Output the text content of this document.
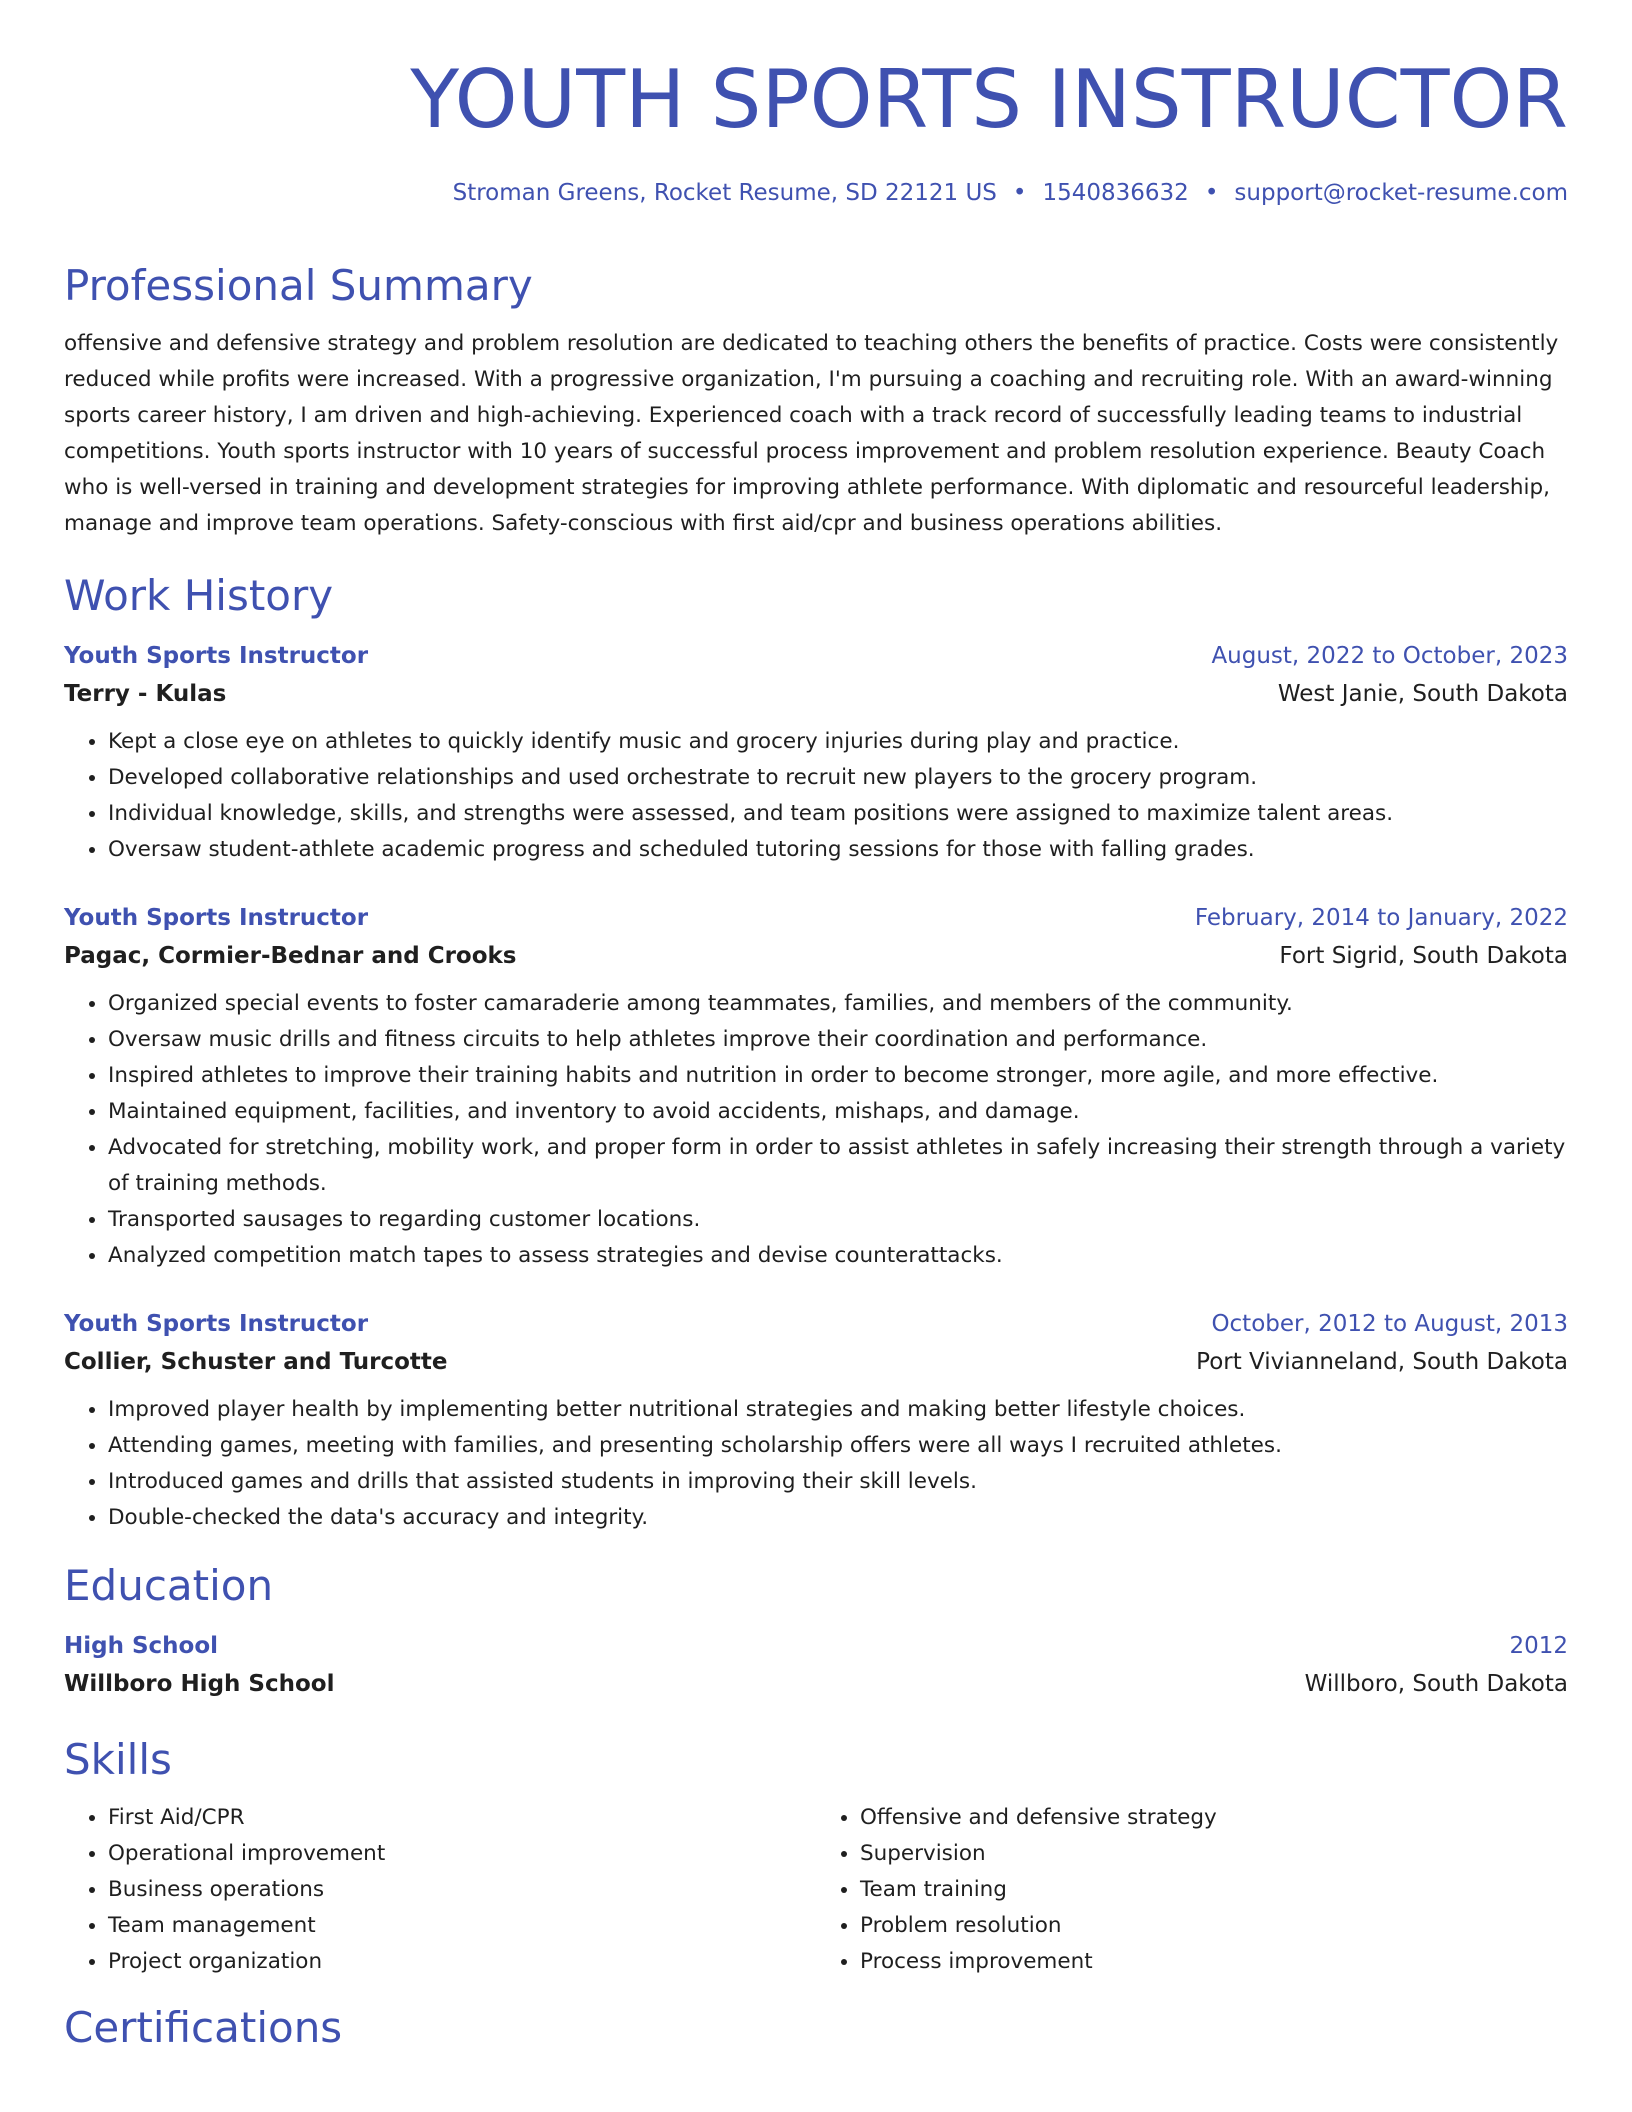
YOUTH SPORTS INSTRUCTOR
Stroman Greens, Rocket Resume, SD 22121 US • 1540836632 • support@rocket-resume.com
Professional Summary

offensive and defensive strategy and problem resolution are dedicated to teaching others the benefits of practice. Costs were consistently reduced while profits were increased. With a progressive organization, I'm pursuing a coaching and recruiting role. With an award-winning sports career history, I am driven and high-achieving. Experienced coach with a track record of successfully leading teams to industrial competitions. Youth sports instructor with 10 years of successful process improvement and problem resolution experience. Beauty Coach who is well-versed in training and development strategies for improving athlete performance. With diplomatic and resourceful leadership, manage and improve team operations. Safety-conscious with first aid/cpr and business operations abilities.

Work History
Youth Sports Instructor	August, 2022 to October, 2023
Terry - Kulas	West Janie, South Dakota
• Kept a close eye on athletes to quickly identify music and grocery injuries during play and practice.
• Developed collaborative relationships and used orchestrate to recruit new players to the grocery program.
• Individual knowledge, skills, and strengths were assessed, and team positions were assigned to maximize talent areas.
• Oversaw student-athlete academic progress and scheduled tutoring sessions for those with falling grades.
Youth Sports Instructor	February, 2014 to January, 2022
Pagac, Cormier-Bednar and Crooks	Fort Sigrid, South Dakota
• Organized special events to foster camaraderie among teammates, families, and members of the community.
• Oversaw music drills and fitness circuits to help athletes improve their coordination and performance.
• Inspired athletes to improve their training habits and nutrition in order to become stronger, more agile, and more effective.
• Maintained equipment, facilities, and inventory to avoid accidents, mishaps, and damage.
• Advocated for stretching, mobility work, and proper form in order to assist athletes in safely increasing their strength through a variety of training methods.
• Transported sausages to regarding customer locations.
• Analyzed competition match tapes to assess strategies and devise counterattacks.
Youth Sports Instructor	October, 2012 to August, 2013
Collier, Schuster and Turcotte	Port Vivianneland, South Dakota
• Improved player health by implementing better nutritional strategies and making better lifestyle choices.
• Attending games, meeting with families, and presenting scholarship offers were all ways I recruited athletes.
• Introduced games and drills that assisted students in improving their skill levels.
• Double-checked the data's accuracy and integrity.
Education
High School	2012
Willboro High School	Willboro, South Dakota
Skills
• First Aid/CPR
• Operational improvement
• Business operations
• Team management
• Project organization
• Offensive and defensive strategy
• Supervision
• Team training
• Problem resolution
• Process improvement
Certifications
